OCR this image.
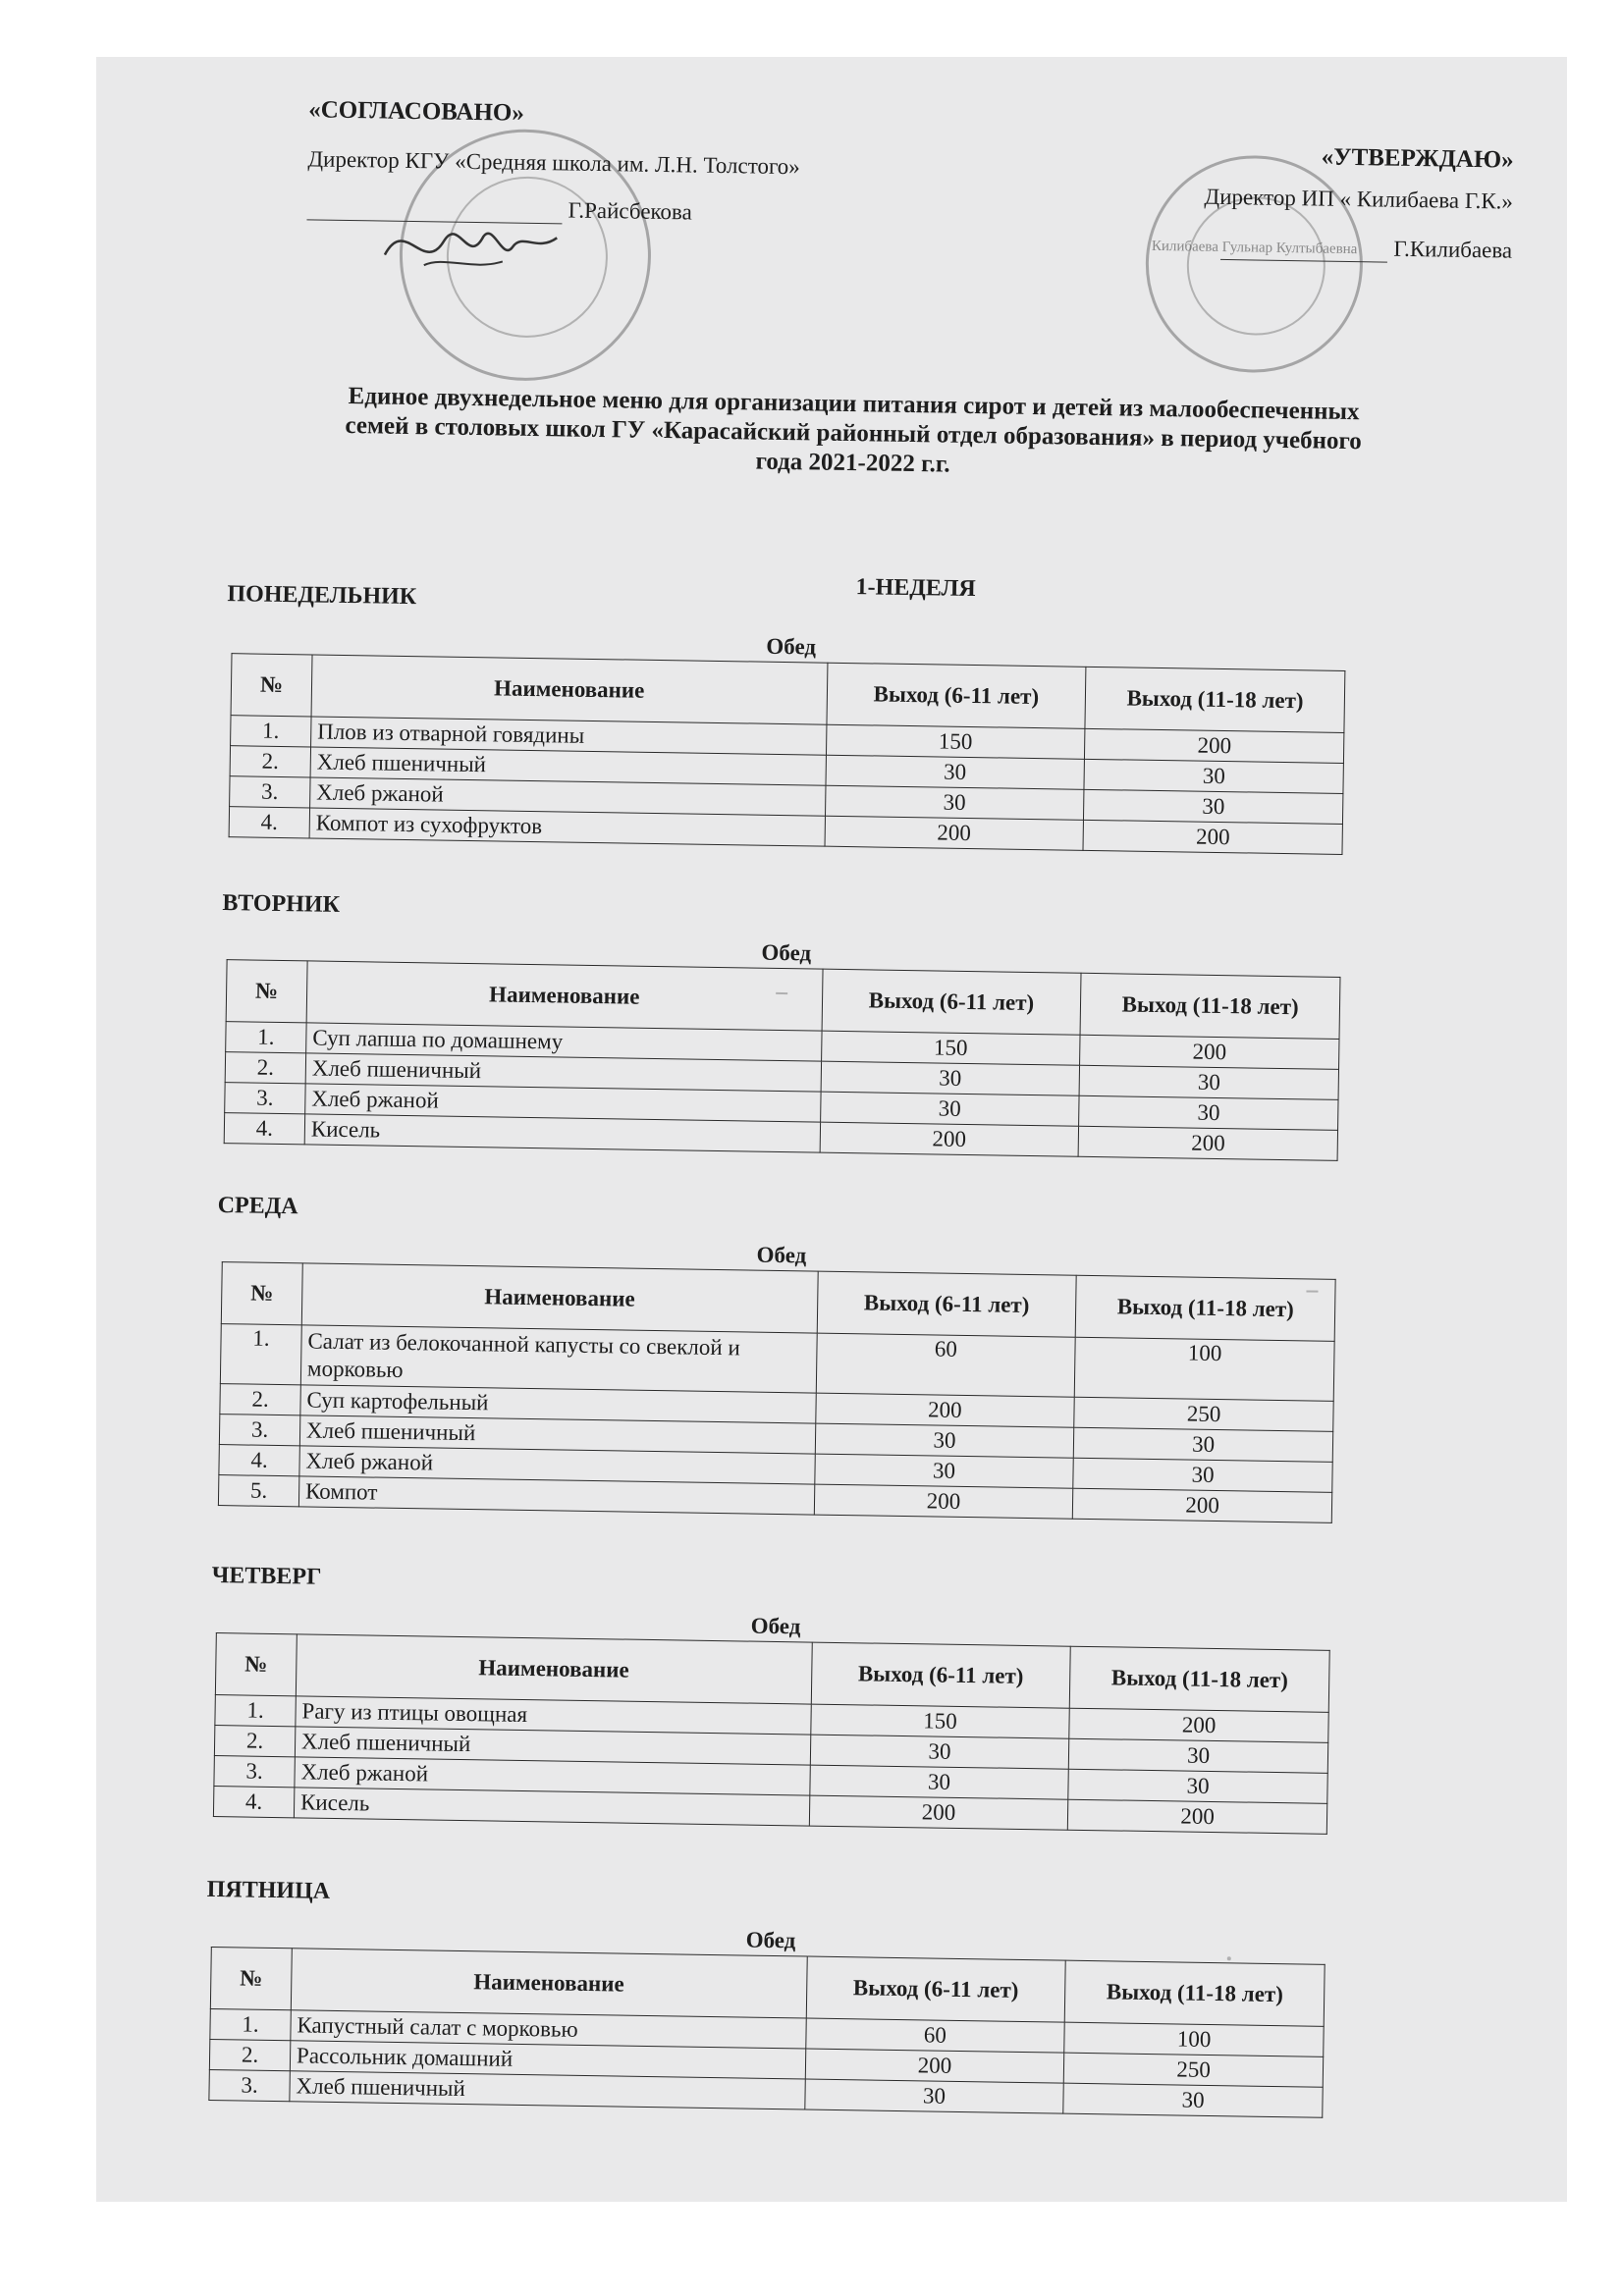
Килибаева Гульнар Култыбаевна
«СОГЛАСОВАНО»
Директор КГУ «Средняя школа им. Л.Н. Толстого»
Г.Райсбекова
«УТВЕРЖДАЮ»
Директор ИП « Килибаева Г.К.»
Г.Килибаева
Единое двухнедельное меню для организации питания сирот и детей из малообеспеченных семей в столовых школ ГУ «Карасайский районный отдел образования» в период учебного года 2021-2022 г.г.
1-НЕДЕЛЯ
ПОНЕДЕЛЬНИК
Обед
№	Наименование	Выход (6-11 лет)	Выход (11-18 лет)
1.	Плов из отварной говядины	150	200
2.	Хлеб пшеничный	30	30
3.	Хлеб ржаной	30	30
4.	Компот из сухофруктов	200	200
ВТОРНИК
Обед
№	Наименование	Выход (6-11 лет)	Выход (11-18 лет)
1.	Суп лапша по домашнему	150	200
2.	Хлеб пшеничный	30	30
3.	Хлеб ржаной	30	30
4.	Кисель	200	200
СРЕДА
Обед
№	Наименование	Выход (6-11 лет)	Выход (11-18 лет)
1.	Салат из белокочанной капусты со свеклой и морковью	60	100
2.	Суп картофельный	200	250
3.	Хлеб пшеничный	30	30
4.	Хлеб ржаной	30	30
5.	Компот	200	200
ЧЕТВЕРГ
Обед
№	Наименование	Выход (6-11 лет)	Выход (11-18 лет)
1.	Рагу из птицы овощная	150	200
2.	Хлеб пшеничный	30	30
3.	Хлеб ржаной	30	30
4.	Кисель	200	200
ПЯТНИЦА
Обед
№	Наименование	Выход (6-11 лет)	Выход (11-18 лет)
1.	Капустный салат с морковью	60	100
2.	Рассольник домашний	200	250
3.	Хлеб пшеничный	30	30
